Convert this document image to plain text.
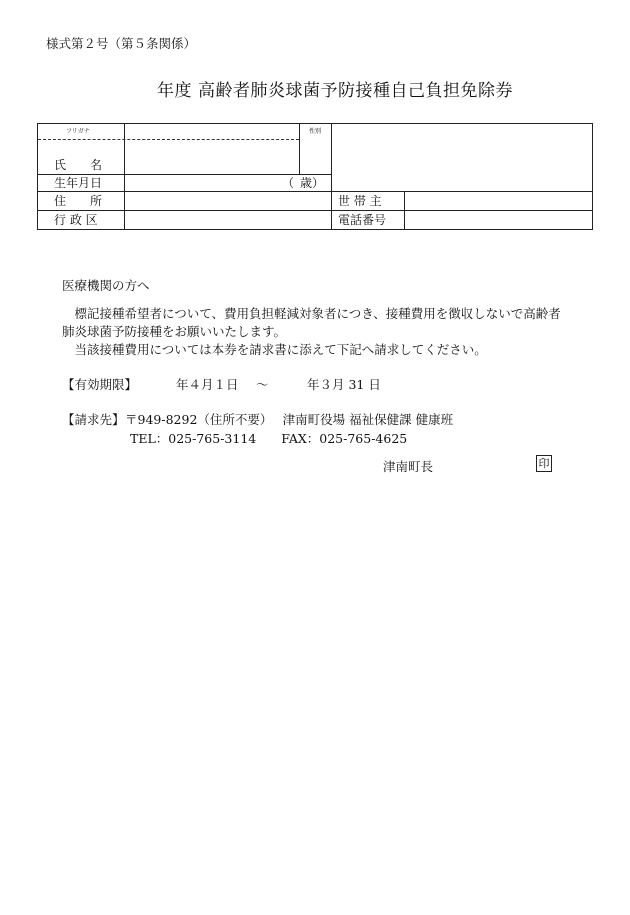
様式第２号（第５条関係）
年度 高齢者肺炎球菌予防接種自己負担免除券
フリガナ	性別
氏　　名
生年月日	（ 歳）
住　　所	世 帯 主
行 政 区	電話番号
医療機関の方へ
　標記接種希望者について、費用負担軽減対象者につき、接種費用を徴収しないで高齢者
肺炎球菌予防接種をお願いいたします。
　当該接種費用については本券を請求書に添えて下記へ請求してください。
【有効期限】	年４月１日 〜	年３月 31 日
【請求先】 〒949-8292（住所不要）　 津南町役場 福祉保健課 健康班
TEL：025-765-3114　　FAX：025-765-4625
津南町長	印
